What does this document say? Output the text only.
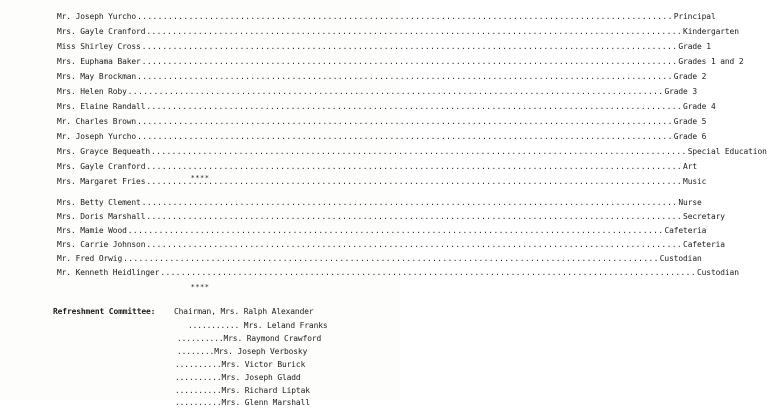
Mr. Joseph Yurcho .....	Principal
Mrs. Gayle Cranford .....	Kindergarten
Miss Shirley Cross .....	Grade 1
Mrs. Euphama Baker .....	Grades 1 and 2
Mrs. May Brockman .....	Grade 2
Mrs. Helen Roby .....	Grade 3
Mrs. Elaine Randall .....	Grade 4
Mr. Charles Brown .....	Grade 5
Mr. Joseph Yurcho .....	Grade 6
Mrs. Grayce Bequeath .....	Special Education
Mrs. Gayle Cranford .....	Art
Mrs. Margaret Fries .....	Music
****
Mrs. Betty Clement .....	Nurse
Mrs. Doris Marshall .....	Secretary
Mrs. Mamie Wood .....	Cafeteria
Mrs. Carrie Johnson .....	Cafeteria
Mr. Fred Orwig .....	Custodian
Mr. Kenneth Heidlinger .....	Custodian
****
Refreshment Committee: Chairman, Mrs. Ralph Alexander
........... Mrs. Leland Franks
..........Mrs. Raymond Crawford
........Mrs. Joseph Verbosky
..........Mrs. Victor Burick
..........Mrs. Joseph Gladd
..........Mrs. Richard Liptak
..........Mrs. Glenn Marshall
